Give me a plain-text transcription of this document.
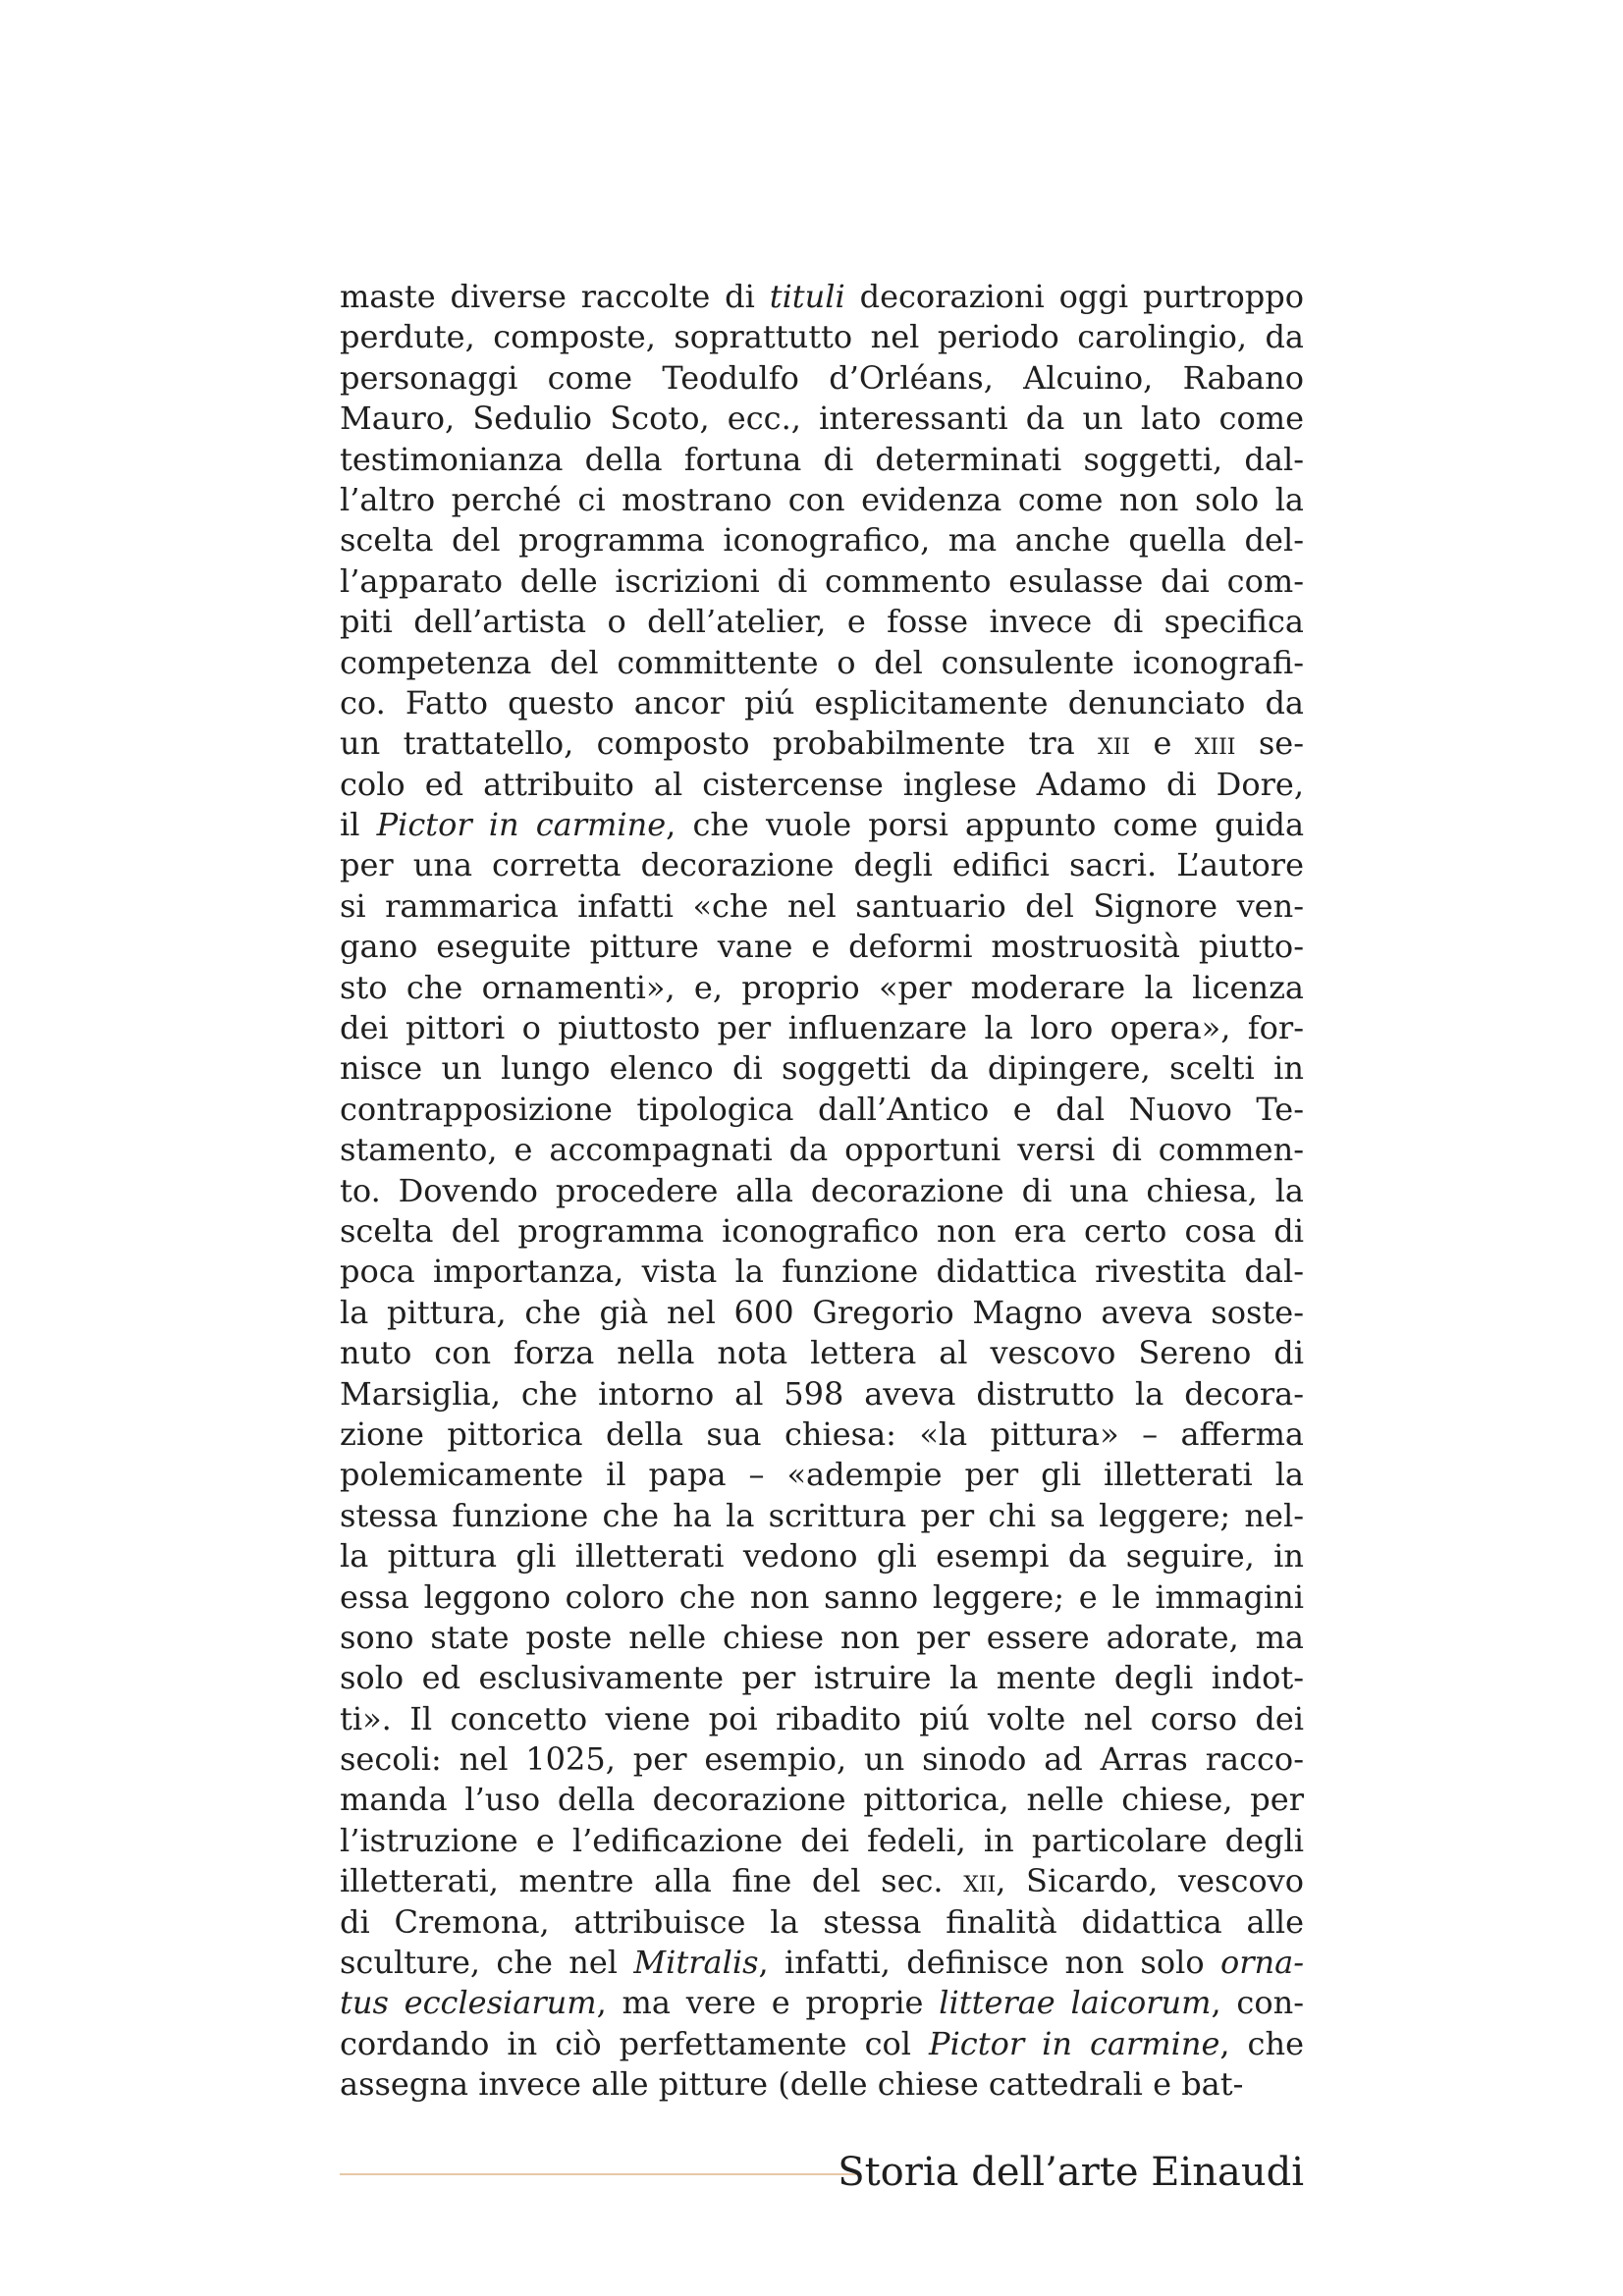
maste diverse raccolte di tituli decorazioni oggi purtroppo
perdute, composte, soprattutto nel periodo carolingio, da
personaggi come Teodulfo d’Orléans, Alcuino, Rabano
Mauro, Sedulio Scoto, ecc., interessanti da un lato come
testimonianza della fortuna di determinati soggetti, dal-
l’altro perché ci mostrano con evidenza come non solo la
scelta del programma iconografico, ma anche quella del-
l’apparato delle iscrizioni di commento esulasse dai com-
piti dell’artista o dell’atelier, e fosse invece di specifica
competenza del committente o del consulente iconografi-
co. Fatto questo ancor piú esplicitamente denunciato da
un trattatello, composto probabilmente tra xii e xiii se-
colo ed attribuito al cistercense inglese Adamo di Dore,
il Pictor in carmine, che vuole porsi appunto come guida
per una corretta decorazione degli edifici sacri. L’autore
si rammarica infatti «che nel santuario del Signore ven-
gano eseguite pitture vane e deformi mostruosità piutto-
sto che ornamenti», e, proprio «per moderare la licenza
dei pittori o piuttosto per influenzare la loro opera», for-
nisce un lungo elenco di soggetti da dipingere, scelti in
contrapposizione tipologica dall’Antico e dal Nuovo Te-
stamento, e accompagnati da opportuni versi di commen-
to. Dovendo procedere alla decorazione di una chiesa, la
scelta del programma iconografico non era certo cosa di
poca importanza, vista la funzione didattica rivestita dal-
la pittura, che già nel 600 Gregorio Magno aveva soste-
nuto con forza nella nota lettera al vescovo Sereno di
Marsiglia, che intorno al 598 aveva distrutto la decora-
zione pittorica della sua chiesa: «la pittura» – afferma
polemicamente il papa – «adempie per gli illetterati la
stessa funzione che ha la scrittura per chi sa leggere; nel-
la pittura gli illetterati vedono gli esempi da seguire, in
essa leggono coloro che non sanno leggere; e le immagini
sono state poste nelle chiese non per essere adorate, ma
solo ed esclusivamente per istruire la mente degli indot-
ti». Il concetto viene poi ribadito piú volte nel corso dei
secoli: nel 1025, per esempio, un sinodo ad Arras racco-
manda l’uso della decorazione pittorica, nelle chiese, per
l’istruzione e l’edificazione dei fedeli, in particolare degli
illetterati, mentre alla fine del sec. xii, Sicardo, vescovo
di Cremona, attribuisce la stessa finalità didattica alle
sculture, che nel Mitralis, infatti, definisce non solo orna-
tus ecclesiarum, ma vere e proprie litterae laicorum, con-
cordando in ciò perfettamente col Pictor in carmine, che
assegna invece alle pitture (delle chiese cattedrali e bat-
Storia dell’arte Einaudi
